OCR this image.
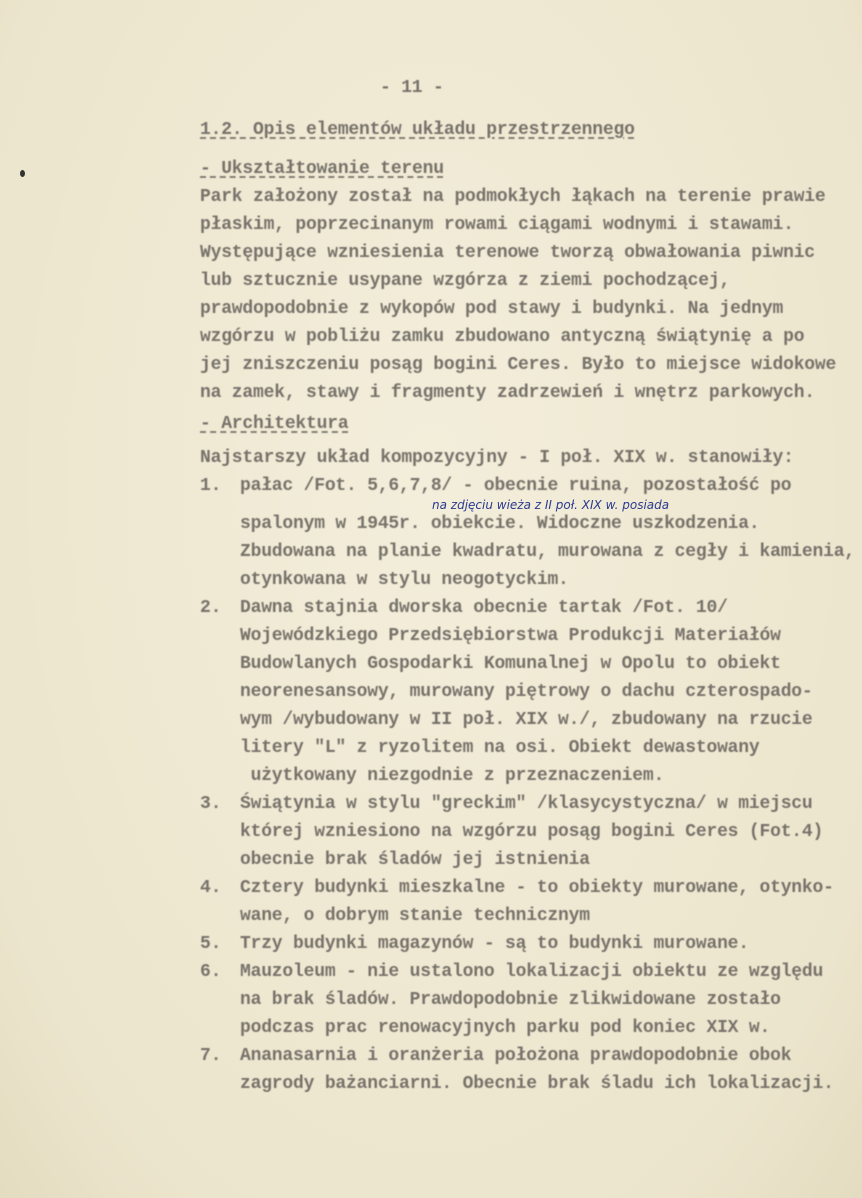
- 11 -
1.2. Opis elementów układu przestrzennego
- Ukształtowanie terenu
Park założony został na podmokłych łąkach na terenie prawie
płaskim, poprzecinanym rowami ciągami wodnymi i stawami.
Występujące wzniesienia terenowe tworzą obwałowania piwnic
lub sztucznie usypane wzgórza z ziemi pochodzącej,
prawdopodobnie z wykopów pod stawy i budynki. Na jednym
wzgórzu w pobliżu zamku zbudowano antyczną świątynię a po
jej zniszczeniu posąg bogini Ceres. Było to miejsce widokowe
na zamek, stawy i fragmenty zadrzewień i wnętrz parkowych.
- Architektura
Najstarszy układ kompozycyjny - I poł. XIX w. stanowiły:
1. pałac /Fot. 5,6,7,8/ - obecnie ruina, pozostałość po
spalonym w 1945r. obiekcie. Widoczne uszkodzenia.
Zbudowana na planie kwadratu, murowana z cegły i kamienia,
otynkowana w stylu neogotyckim.
2. Dawna stajnia dworska obecnie tartak /Fot. 10/
Wojewódzkiego Przedsiębiorstwa Produkcji Materiałów
Budowlanych Gospodarki Komunalnej w Opolu to obiekt
neorenesansowy, murowany piętrowy o dachu czterospado-
wym /wybudowany w II poł. XIX w./, zbudowany na rzucie
litery "L" z ryzolitem na osi. Obiekt dewastowany
użytkowany niezgodnie z przeznaczeniem.
3. Świątynia w stylu "greckim" /klasycystyczna/ w miejscu
której wzniesiono na wzgórzu posąg bogini Ceres (Fot.4)
obecnie brak śladów jej istnienia
4. Cztery budynki mieszkalne - to obiekty murowane, otynko-
wane, o dobrym stanie technicznym
5. Trzy budynki magazynów - są to budynki murowane.
6. Mauzoleum - nie ustalono lokalizacji obiektu ze względu
na brak śladów. Prawdopodobnie zlikwidowane zostało
podczas prac renowacyjnych parku pod koniec XIX w.
7. Ananasarnia i oranżeria położona prawdopodobnie obok
zagrody bażanciarni. Obecnie brak śladu ich lokalizacji.
na zdjęciu wieża z II poł. XIX w. posiada
